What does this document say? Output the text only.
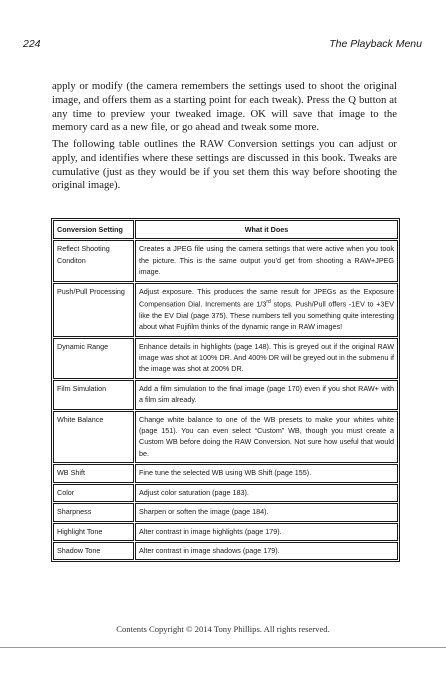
224	The Playback Menu

apply or modify (the camera remembers the settings used to shoot the original image, and offers them as a starting point for each tweak). Press the Q button at any time to preview your tweaked image. OK will save that image to the memory card as a new file, or go ahead and tweak some more.

The following table outlines the RAW Conversion settings you can adjust or apply, and identifies where these settings are discussed in this book. Tweaks are cumulative (just as they would be if you set them this way before shooting the original image).

Conversion Setting	What it Does
Reflect Shooting Conditon	Creates a JPEG file using the camera settings that were active when you took the picture. This is the same output you’d get from shooting a RAW+JPEG image.
Push/Pull Processing	Adjust exposure. This produces the same result for JPEGs as the Exposure Compensation Dial. Increments are 1/3rd stops. Push/Pull offers -1EV to +3EV like the EV Dial (page 375). These numbers tell you something quite interesting about what Fujifilm thinks of the dynamic range in RAW images!
Dynamic Range	Enhance details in highlights (page 148). This is greyed out if the original RAW image was shot at 100% DR. And 400% DR will be greyed out in the submenu if the image was shot at 200% DR.
Film Simulation	Add a film simulation to the final image (page 170) even if you shot RAW+ with a film sim already.
White Balance	Change white balance to one of the WB presets to make your whites white (page 151). You can even select “Custom” WB, though you must create a Custom WB before doing the RAW Conversion. Not sure how useful that would be.
WB Shift	Fine tune the selected WB using WB Shift (page 155).
Color	Adjust color saturation (page 183).
Sharpness	Sharpen or soften the image (page 184).
Highlight Tone	Alter contrast in image highlights (page 179).
Shadow Tone	Alter contrast in image shadows (page 179).
Contents Copyright © 2014 Tony Phillips. All rights reserved.
